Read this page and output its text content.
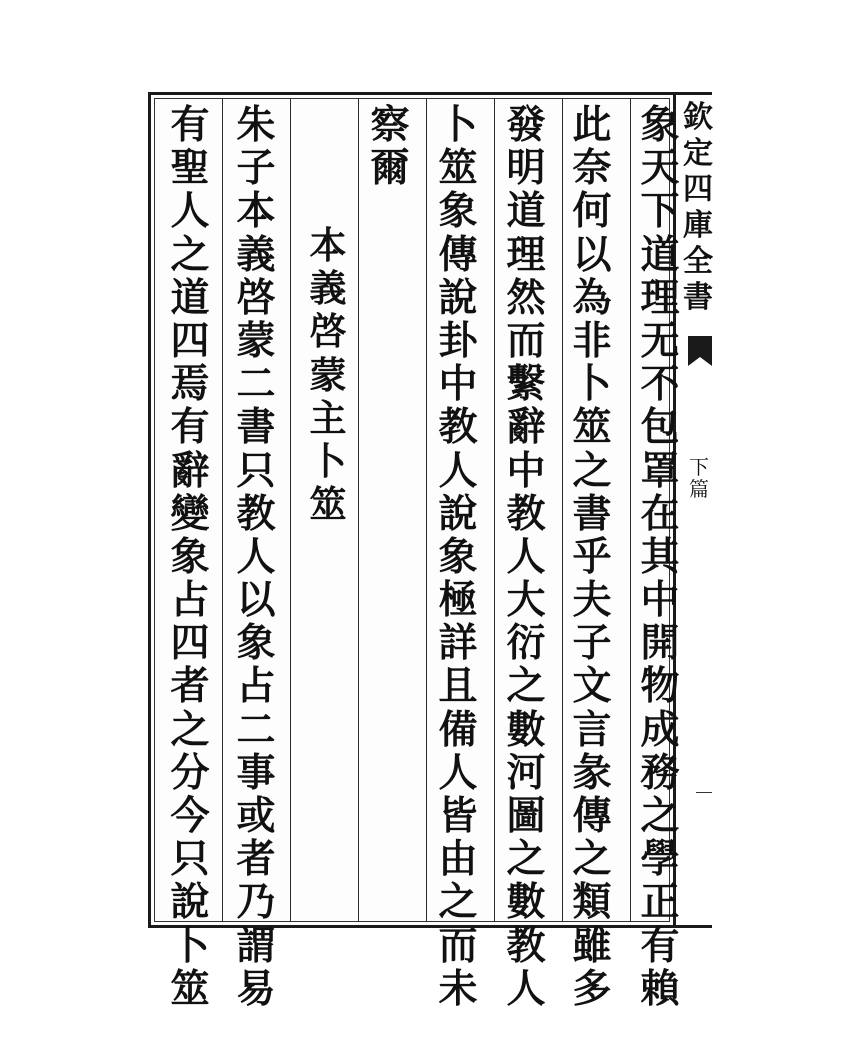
象
天
下
道
理
无
不
包
罩
在
其
中
開
物
成
務
之
學
正
有
賴
此
奈
何
以
為
非
卜
筮
之
書
乎
夫
子
文
言
彖
傳
之
類
雖
多
發
明
道
理
然
而
繫
辭
中
教
人
大
衍
之
數
河
圖
之
數
教
人
卜
筮
象
傳
說
卦
中
教
人
說
象
極
詳
且
備
人
皆
由
之
而
未
察
爾
本
義
啓
蒙
主
卜
筮
朱
子
本
義
啓
蒙
二
書
只
教
人
以
象
占
二
事
或
者
乃
謂
易
有
聖
人
之
道
四
焉
有
辭
變
象
占
四
者
之
分
今
只
說
卜
筮
欽
定
四
庫
全
書
下
篇
